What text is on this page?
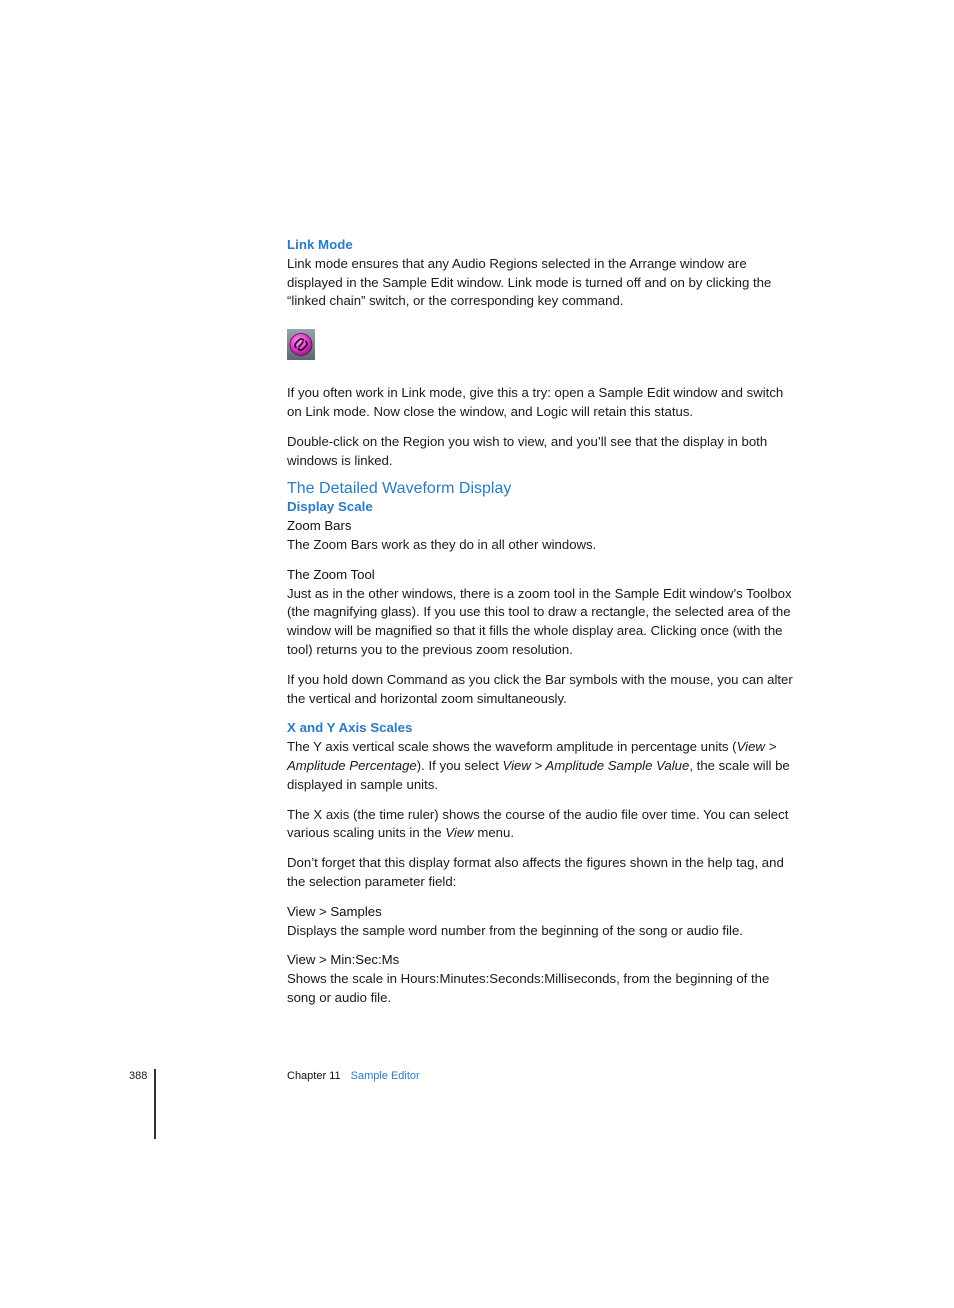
Link Mode

Link mode ensures that any Audio Regions selected in the Arrange window are displayed in the Sample Edit window. Link mode is turned off and on by clicking the “linked chain” switch, or the corresponding key command.

If you often work in Link mode, give this a try: open a Sample Edit window and switch on Link mode. Now close the window, and Logic will retain this status.

Double-click on the Region you wish to view, and you’ll see that the display in both windows is linked.

The Detailed Waveform Display
Display Scale
Zoom Bars

The Zoom Bars work as they do in all other windows.

The Zoom Tool

Just as in the other windows, there is a zoom tool in the Sample Edit window’s Toolbox (the magnifying glass). If you use this tool to draw a rectangle, the selected area of the window will be magnified so that it fills the whole display area. Clicking once (with the tool) returns you to the previous zoom resolution.

If you hold down Command as you click the Bar symbols with the mouse, you can alter the vertical and horizontal zoom simultaneously.

X and Y Axis Scales

The Y axis vertical scale shows the waveform amplitude in percentage units (View > Amplitude Percentage). If you select View > Amplitude Sample Value, the scale will be displayed in sample units.

The X axis (the time ruler) shows the course of the audio file over time. You can select various scaling units in the View menu.

Don’t forget that this display format also affects the figures shown in the help tag, and the selection parameter field:

View > Samples

Displays the sample word number from the beginning of the song or audio file.

View > Min:Sec:Ms

Shows the scale in Hours:Minutes:Seconds:Milliseconds, from the beginning of the song or audio file.

388	Chapter 11 Sample Editor
